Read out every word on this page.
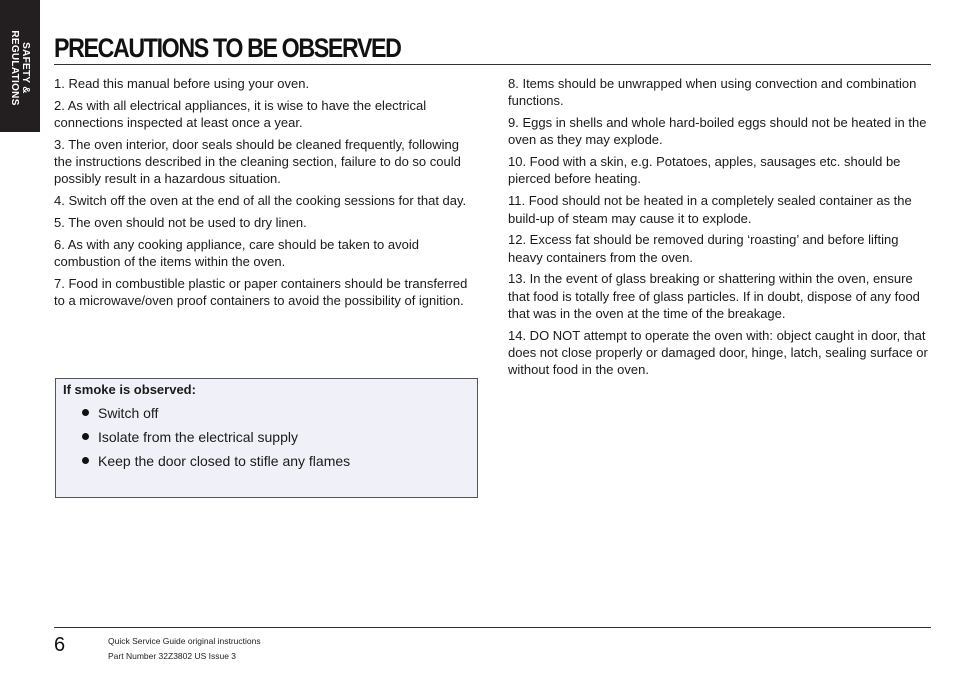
SAFETY &
REGULATIONS PRECAUTIONS TO BE OBSERVED

1. Read this manual before using your oven.

2. As with all electrical appliances, it is wise to have the electrical connections inspected at least once a year.

3. The oven interior, door seals should be cleaned frequently, following the instructions described in the cleaning section, failure to do so could possibly result in a hazardous situation.

4. Switch off the oven at the end of all the cooking sessions for that day.

5. The oven should not be used to dry linen.

6. As with any cooking appliance, care should be taken to avoid combustion of the items within the oven.

7. Food in combustible plastic or paper containers should be transferred to a microwave/oven proof containers to avoid the possibility of ignition.

8. Items should be unwrapped when using convection and combination functions.

9. Eggs in shells and whole hard-boiled eggs should not be heated in the oven as they may explode.

10. Food with a skin, e.g. Potatoes, apples, sausages etc. should be pierced before heating.

11. Food should not be heated in a completely sealed container as the build-up of steam may cause it to explode.

12. Excess fat should be removed during ‘roasting’ and before lifting heavy containers from the oven.

13. In the event of glass breaking or shattering within the oven, ensure that food is totally free of glass particles. If in doubt, dispose of any food that was in the oven at the time of the breakage.

14. DO NOT attempt to operate the oven with: object caught in door, that does not close properly or damaged door, hinge, latch, sealing surface or without food in the oven.

If smoke is observed:
Switch off
Isolate from the electrical supply
Keep the door closed to stifle any flames
6	Quick Service Guide original instructions
Part Number 32Z3802 US Issue 3
